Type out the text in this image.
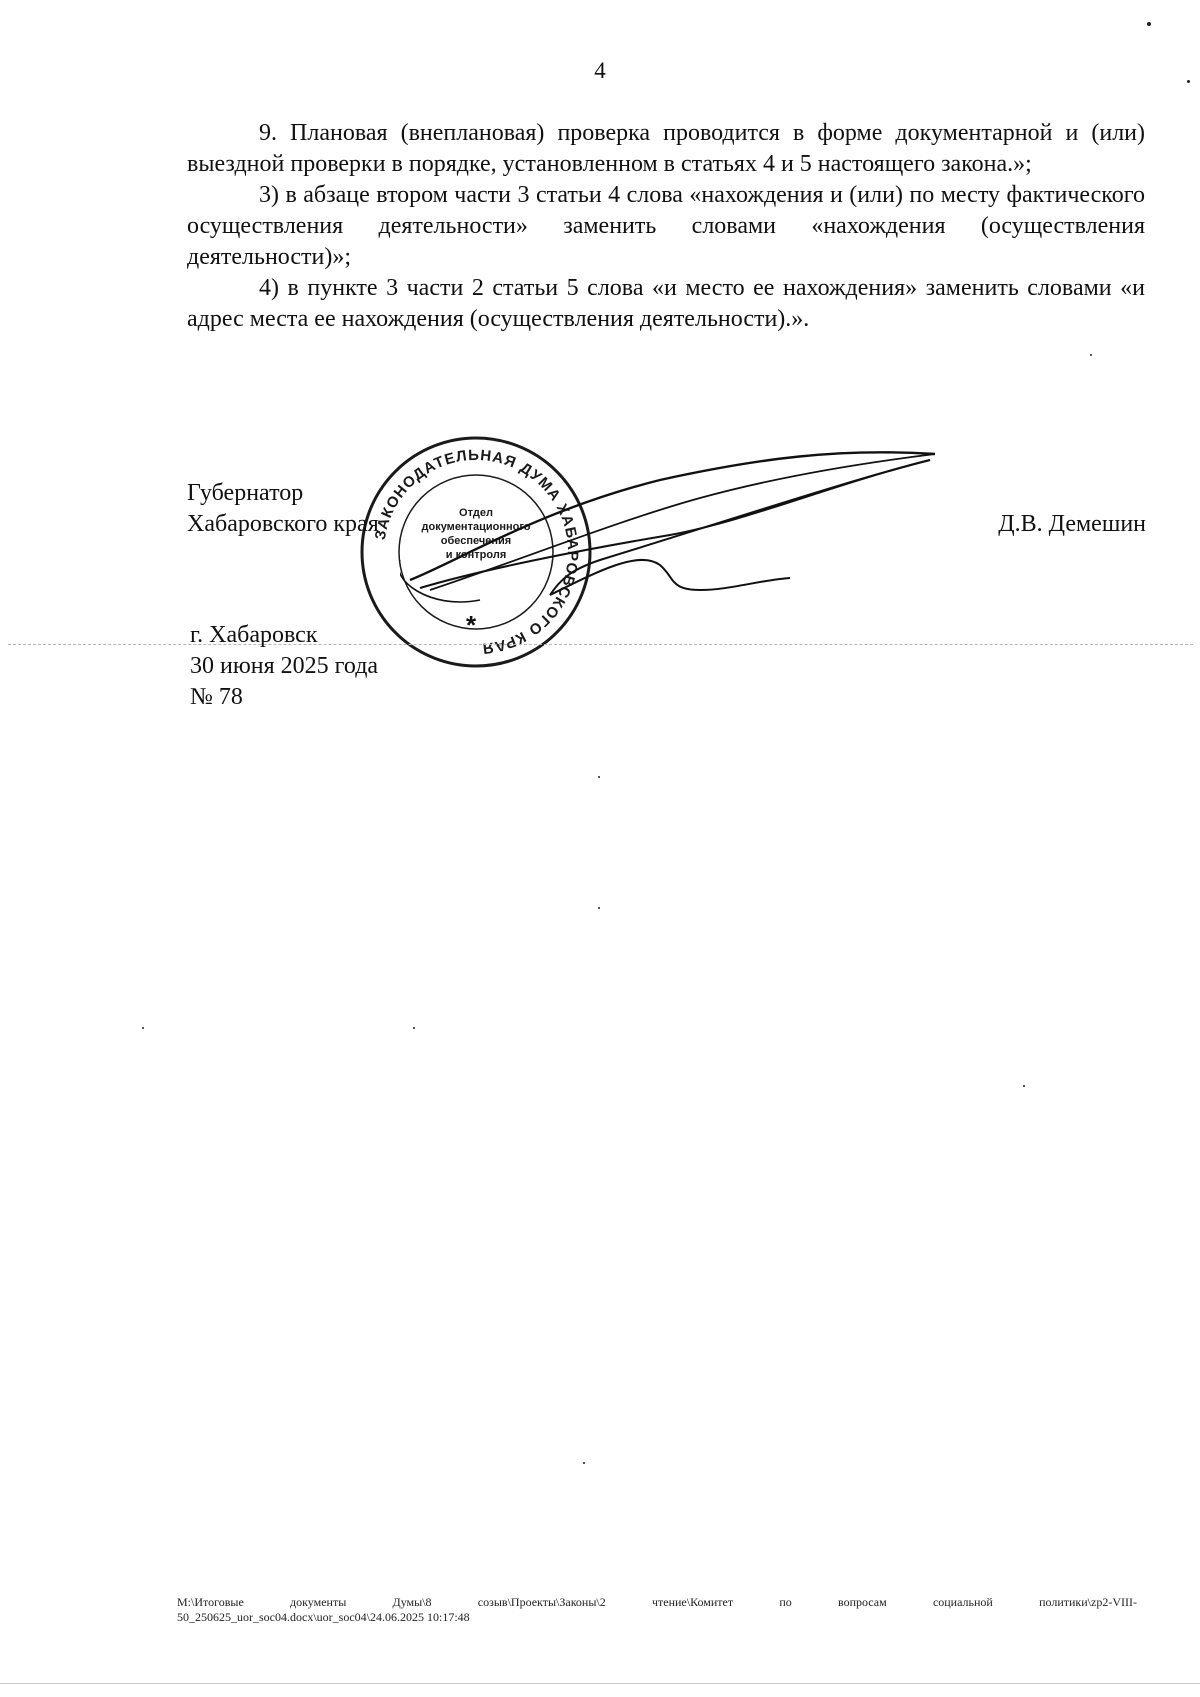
4

9. Плановая (внеплановая) проверка проводится в форме документарной и (или) выездной проверки в порядке, установленном в статьях 4 и 5 настоящего закона.»;

3) в абзаце втором части 3 статьи 4 слова «нахождения и (или) по месту фактического осуществления деятельности» заменить словами «нахождения (осуществления деятельности)»;

4) в пункте 3 части 2 статьи 5 слова «и место ее нахождения» заменить словами «и адрес места ее нахождения (осуществления деятельности).».

ЗАКОНОДАТЕЛЬНАЯ ДУМА ХАБАРОВСКОГО КРАЯ
Отдел
документационного
обеспечения
и контроля
*
Губернатор
Хабаровского края	Д.В. Демешин
г. Хабаровск
30 июня 2025 года
№ 78
М:\Итоговые	документы	Думы\8	созыв\Проекты\Законы\2	чтение\Комитет	по	вопросам	социальной	политики\zp2-VIII-
50_250625_uor_soc04.docx\uor_soc04\24.06.2025 10:17:48
